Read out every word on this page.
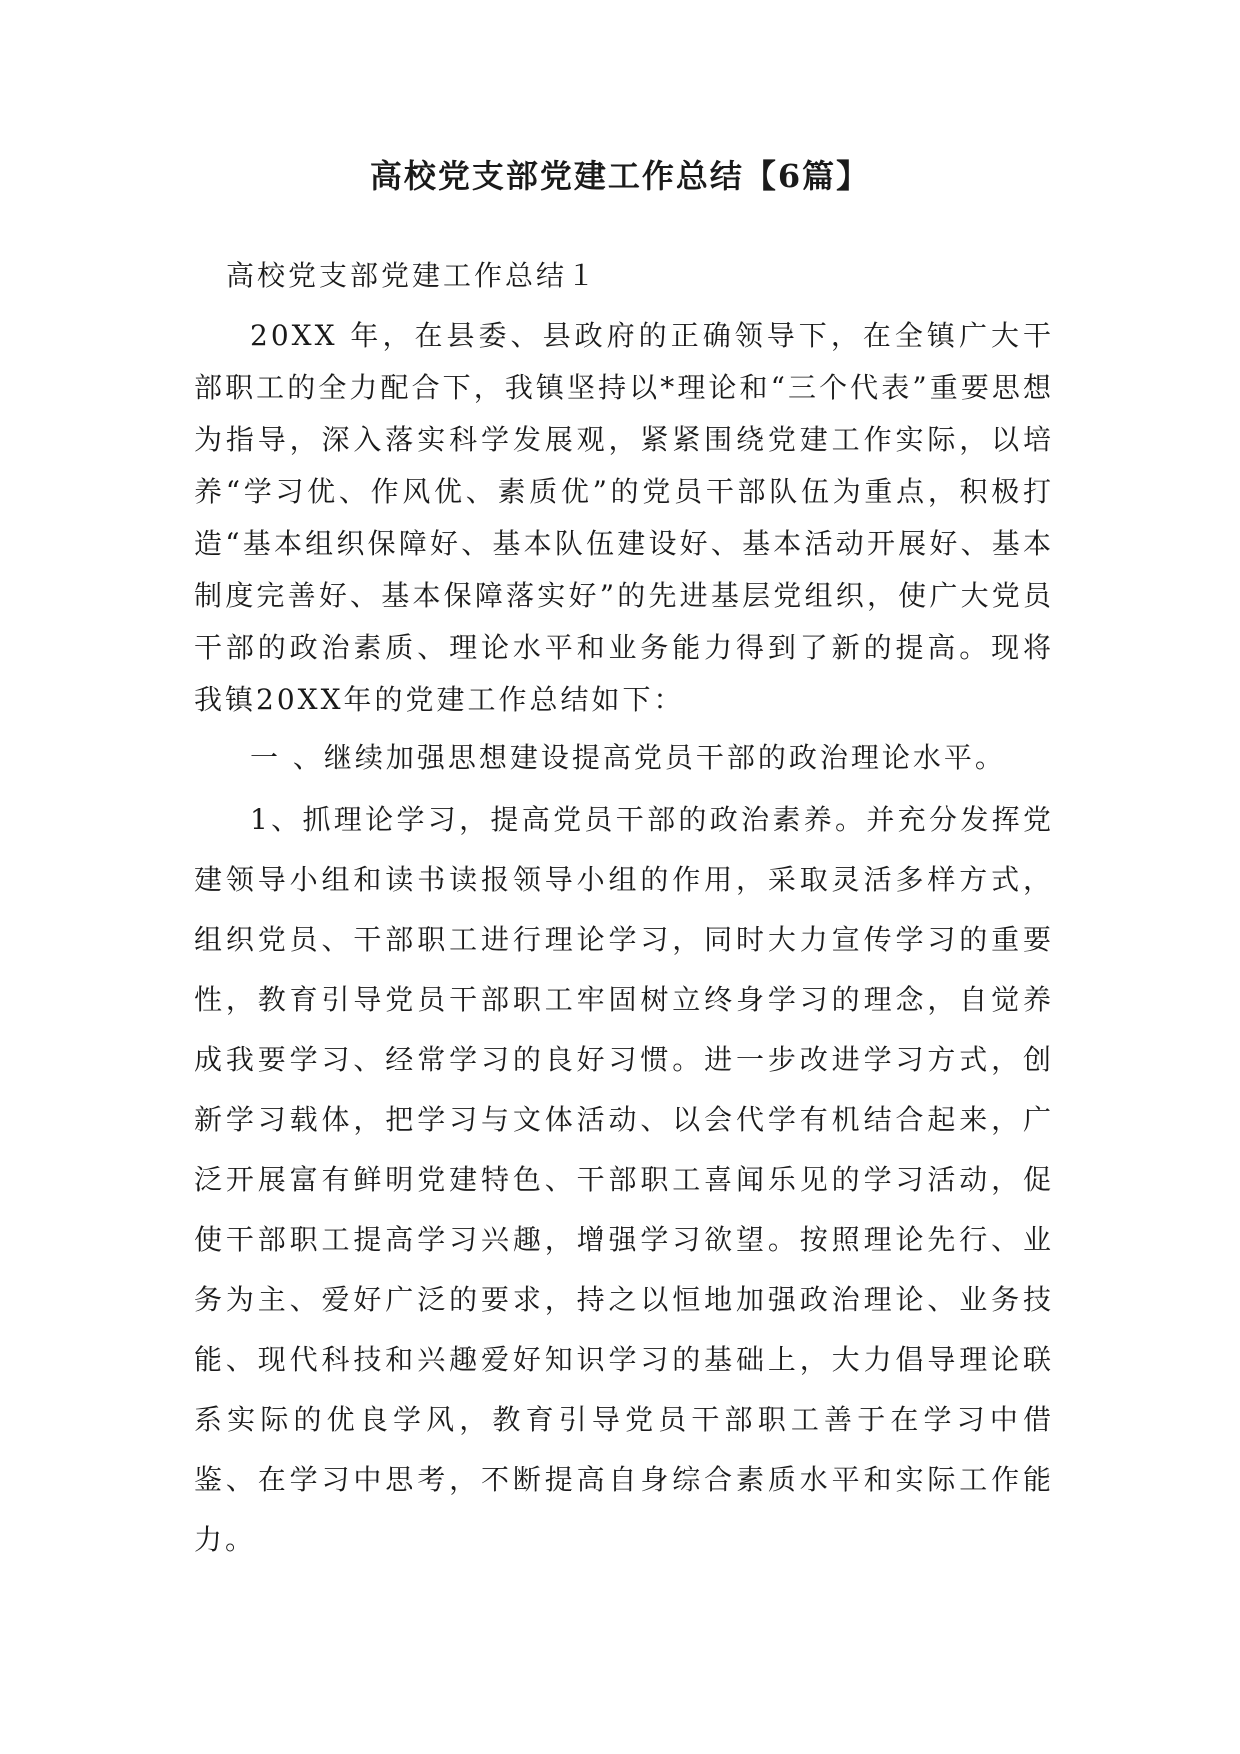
高校党支部党建工作总结【6篇】

高校党支部党建工作总结１

20XX 年，在县委、县政府的正确领导下，在全镇广大干部职工的全力配合下，我镇坚持以*理论和“三个代表”重要思想为指导，深入落实科学发展观，紧紧围绕党建工作实际，以培养“学习优、作风优、素质优”的党员干部队伍为重点，积极打造“基本组织保障好、基本队伍建设好、基本活动开展好、基本制度完善好、基本保障落实好”的先进基层党组织，使广大党员干部的政治素质、理论水平和业务能力得到了新的提高。现将我镇20XX年的党建工作总结如下：

一 、继续加强思想建设提高党员干部的政治理论水平。

1、抓理论学习，提高党员干部的政治素养。并充分发挥党建领导小组和读书读报领导小组的作用，采取灵活多样方式，组织党员、干部职工进行理论学习，同时大力宣传学习的重要性，教育引导党员干部职工牢固树立终身学习的理念，自觉养成我要学习、经常学习的良好习惯。进一步改进学习方式，创新学习载体，把学习与文体活动、以会代学有机结合起来，广泛开展富有鲜明党建特色、干部职工喜闻乐见的学习活动，促使干部职工提高学习兴趣，增强学习欲望。按照理论先行、业务为主、爱好广泛的要求，持之以恒地加强政治理论、业务技能、现代科技和兴趣爱好知识学习的基础上，大力倡导理论联系实际的优良学风，教育引导党员干部职工善于在学习中借鉴、在学习中思考，不断提高自身综合素质水平和实际工作能力。
